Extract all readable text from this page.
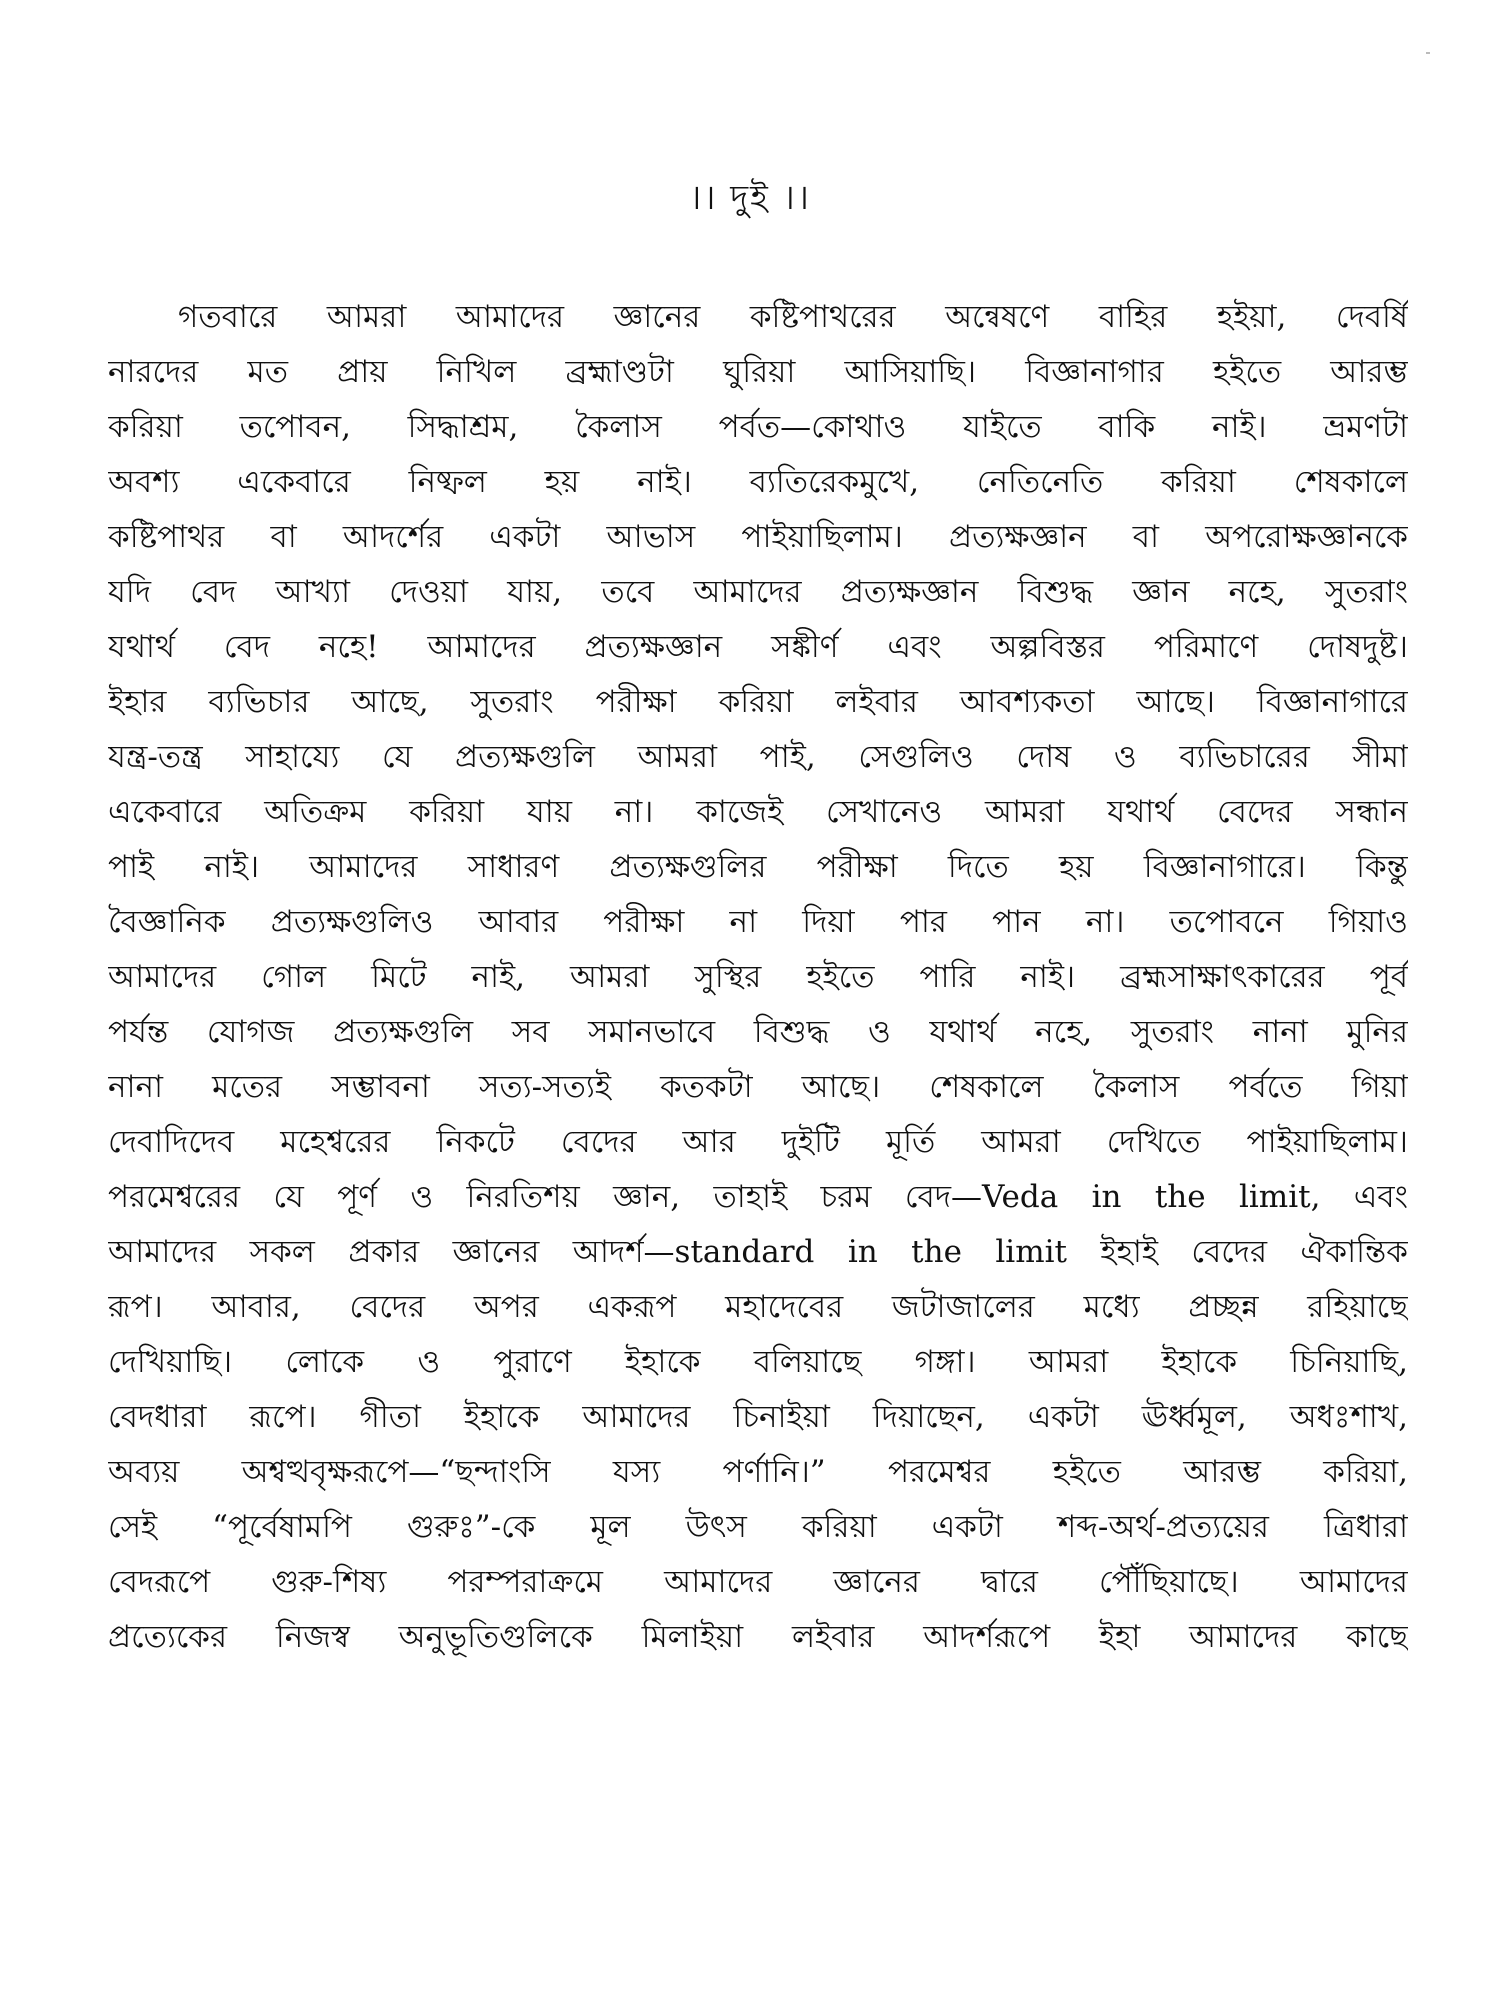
।। দুই ।।
গতবারে আমরা আমাদের জ্ঞানের কষ্টিপাথরের অন্বেষণে বাহির হইয়া, দেবর্ষি
নারদের মত প্রায় নিখিল ব্রহ্মাণ্ডটা ঘুরিয়া আসিয়াছি। বিজ্ঞানাগার হইতে আরম্ভ
করিয়া তপোবন, সিদ্ধাশ্রম, কৈলাস পর্বত—কোথাও যাইতে বাকি নাই। ভ্রমণটা
অবশ্য একেবারে নিষ্ফল হয় নাই। ব্যতিরেকমুখে, নেতিনেতি করিয়া শেষকালে
কষ্টিপাথর বা আদর্শের একটা আভাস পাইয়াছিলাম। প্রত্যক্ষজ্ঞান বা অপরোক্ষজ্ঞানকে
যদি বেদ আখ্যা দেওয়া যায়, তবে আমাদের প্রত্যক্ষজ্ঞান বিশুদ্ধ জ্ঞান নহে, সুতরাং
যথার্থ বেদ নহে! আমাদের প্রত্যক্ষজ্ঞান সঙ্কীর্ণ এবং অল্পবিস্তর পরিমাণে দোষদুষ্ট।
ইহার ব্যভিচার আছে, সুতরাং পরীক্ষা করিয়া লইবার আবশ্যকতা আছে। বিজ্ঞানাগারে
যন্ত্র-তন্ত্র সাহায্যে যে প্রত্যক্ষগুলি আমরা পাই, সেগুলিও দোষ ও ব্যভিচারের সীমা
একেবারে অতিক্রম করিয়া যায় না। কাজেই সেখানেও আমরা যথার্থ বেদের সন্ধান
পাই নাই। আমাদের সাধারণ প্রত্যক্ষগুলির পরীক্ষা দিতে হয় বিজ্ঞানাগারে। কিন্তু
বৈজ্ঞানিক প্রত্যক্ষগুলিও আবার পরীক্ষা না দিয়া পার পান না। তপোবনে গিয়াও
আমাদের গোল মিটে নাই, আমরা সুস্থির হইতে পারি নাই। ব্রহ্মসাক্ষাৎকারের পূর্ব
পর্যন্ত যোগজ প্রত্যক্ষগুলি সব সমানভাবে বিশুদ্ধ ও যথার্থ নহে, সুতরাং নানা মুনির
নানা মতের সম্ভাবনা সত্য-সত্যই কতকটা আছে। শেষকালে কৈলাস পর্বতে গিয়া
দেবাদিদেব মহেশ্বরের নিকটে বেদের আর দুইটি মূর্তি আমরা দেখিতে পাইয়াছিলাম।
পরমেশ্বরের যে পূর্ণ ও নিরতিশয় জ্ঞান, তাহাই চরম বেদ—Veda in the limit, এবং
আমাদের সকল প্রকার জ্ঞানের আদর্শ—standard in the limit ইহাই বেদের ঐকান্তিক
রূপ। আবার, বেদের অপর একরূপ মহাদেবের জটাজালের মধ্যে প্রচ্ছন্ন রহিয়াছে
দেখিয়াছি। লোকে ও পুরাণে ইহাকে বলিয়াছে গঙ্গা। আমরা ইহাকে চিনিয়াছি,
বেদধারা রূপে। গীতা ইহাকে আমাদের চিনাইয়া দিয়াছেন, একটা ঊর্ধ্বমূল, অধঃশাখ,
অব্যয় অশ্বত্থবৃক্ষরূপে—“ছন্দাংসি যস্য পর্ণানি।” পরমেশ্বর হইতে আরম্ভ করিয়া,
সেই “পূর্বেষামপি গুরুঃ”-কে মূল উৎস করিয়া একটা শব্দ-অর্থ-প্রত্যয়ের ত্রিধারা
বেদরূপে গুরু-শিষ্য পরম্পরাক্রমে আমাদের জ্ঞানের দ্বারে পৌঁছিয়াছে। আমাদের
প্রত্যেকের নিজস্ব অনুভূতিগুলিকে মিলাইয়া লইবার আদর্শরূপে ইহা আমাদের কাছে
